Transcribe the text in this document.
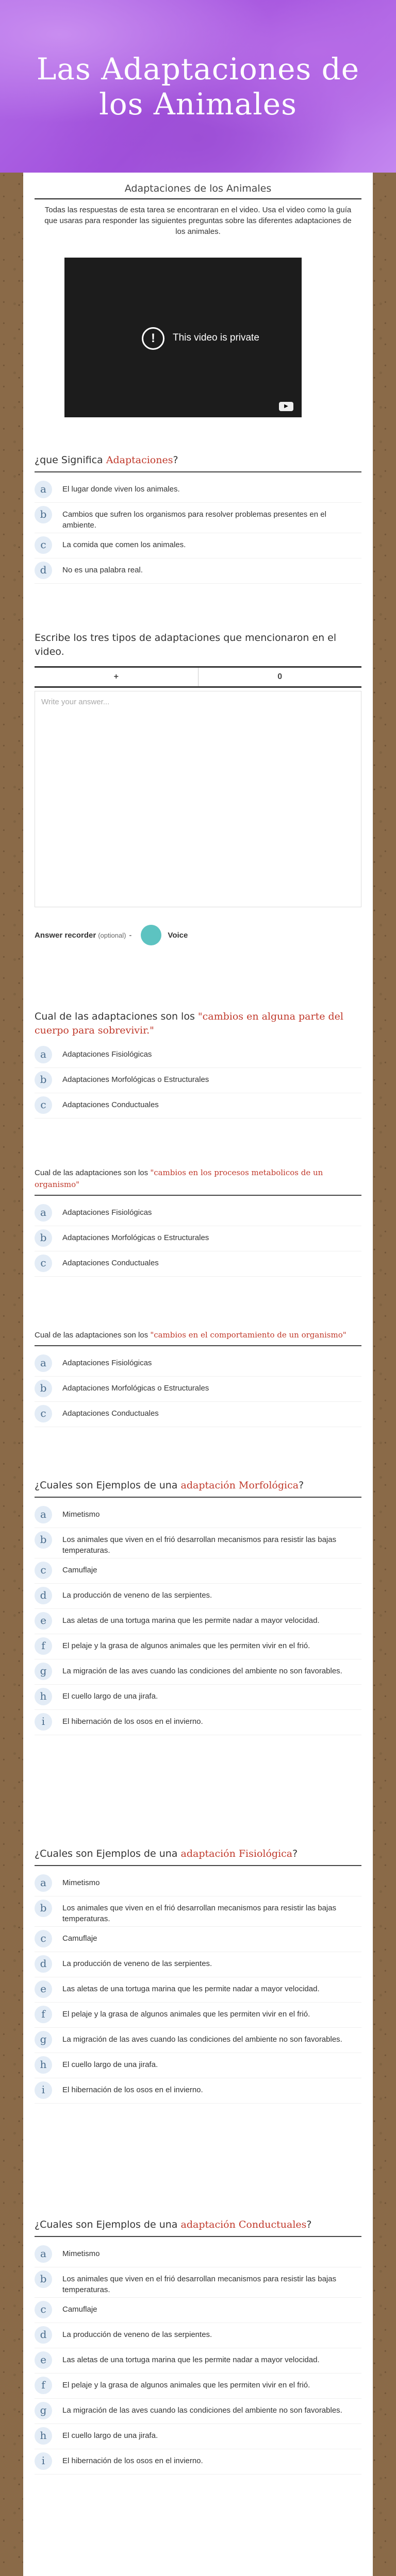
Las Adaptaciones de los Animales
Adaptaciones de los Animales
Todas las respuestas de esta tarea se encontraran en el video. Usa el video como la guía que usaras para responder las siguientes preguntas sobre las diferentes adaptaciones de los animales.
!	This video is private
▶
¿que Significa Adaptaciones?
a	El lugar donde viven los animales.
b	Cambios que sufren los organismos para resolver problemas presentes en el ambiente.
c	La comida que comen los animales.
d	No es una palabra real.
Escribe los tres tipos de adaptaciones que mencionaron en el video.
+	0
Write your answer...
Answer recorder (optional) -	Voice
Cual de las adaptaciones son los "cambios en alguna parte del cuerpo para sobrevivir."
a	Adaptaciones Fisiológicas
b	Adaptaciones Morfológicas o Estructurales
c	Adaptaciones Conductuales
Cual de las adaptaciones son los "cambios en los procesos metabolicos de un organismo"
a	Adaptaciones Fisiológicas
b	Adaptaciones Morfológicas o Estructurales
c	Adaptaciones Conductuales
Cual de las adaptaciones son los "cambios en el comportamiento de un organismo"
a	Adaptaciones Fisiológicas
b	Adaptaciones Morfológicas o Estructurales
c	Adaptaciones Conductuales
¿Cuales son Ejemplos de una adaptación Morfológica?
a	Mimetismo
b	Los animales que viven en el frió desarrollan mecanismos para resistir las bajas temperaturas.
c	Camuflaje
d	La producción de veneno de las serpientes.
e	Las aletas de una tortuga marina que les permite nadar a mayor velocidad.
f	El pelaje y la grasa de algunos animales que les permiten vivir en el frió.
g	La migración de las aves cuando las condiciones del ambiente no son favorables.
h	El cuello largo de una jirafa.
i	El hibernación de los osos en el invierno.
¿Cuales son Ejemplos de una adaptación Fisiológica?
a	Mimetismo
b	Los animales que viven en el frió desarrollan mecanismos para resistir las bajas temperaturas.
c	Camuflaje
d	La producción de veneno de las serpientes.
e	Las aletas de una tortuga marina que les permite nadar a mayor velocidad.
f	El pelaje y la grasa de algunos animales que les permiten vivir en el frió.
g	La migración de las aves cuando las condiciones del ambiente no son favorables.
h	El cuello largo de una jirafa.
i	El hibernación de los osos en el invierno.
¿Cuales son Ejemplos de una adaptación Conductuales?
a	Mimetismo
b	Los animales que viven en el frió desarrollan mecanismos para resistir las bajas temperaturas.
c	Camuflaje
d	La producción de veneno de las serpientes.
e	Las aletas de una tortuga marina que les permite nadar a mayor velocidad.
f	El pelaje y la grasa de algunos animales que les permiten vivir en el frió.
g	La migración de las aves cuando las condiciones del ambiente no son favorables.
h	El cuello largo de una jirafa.
i	El hibernación de los osos en el invierno.
